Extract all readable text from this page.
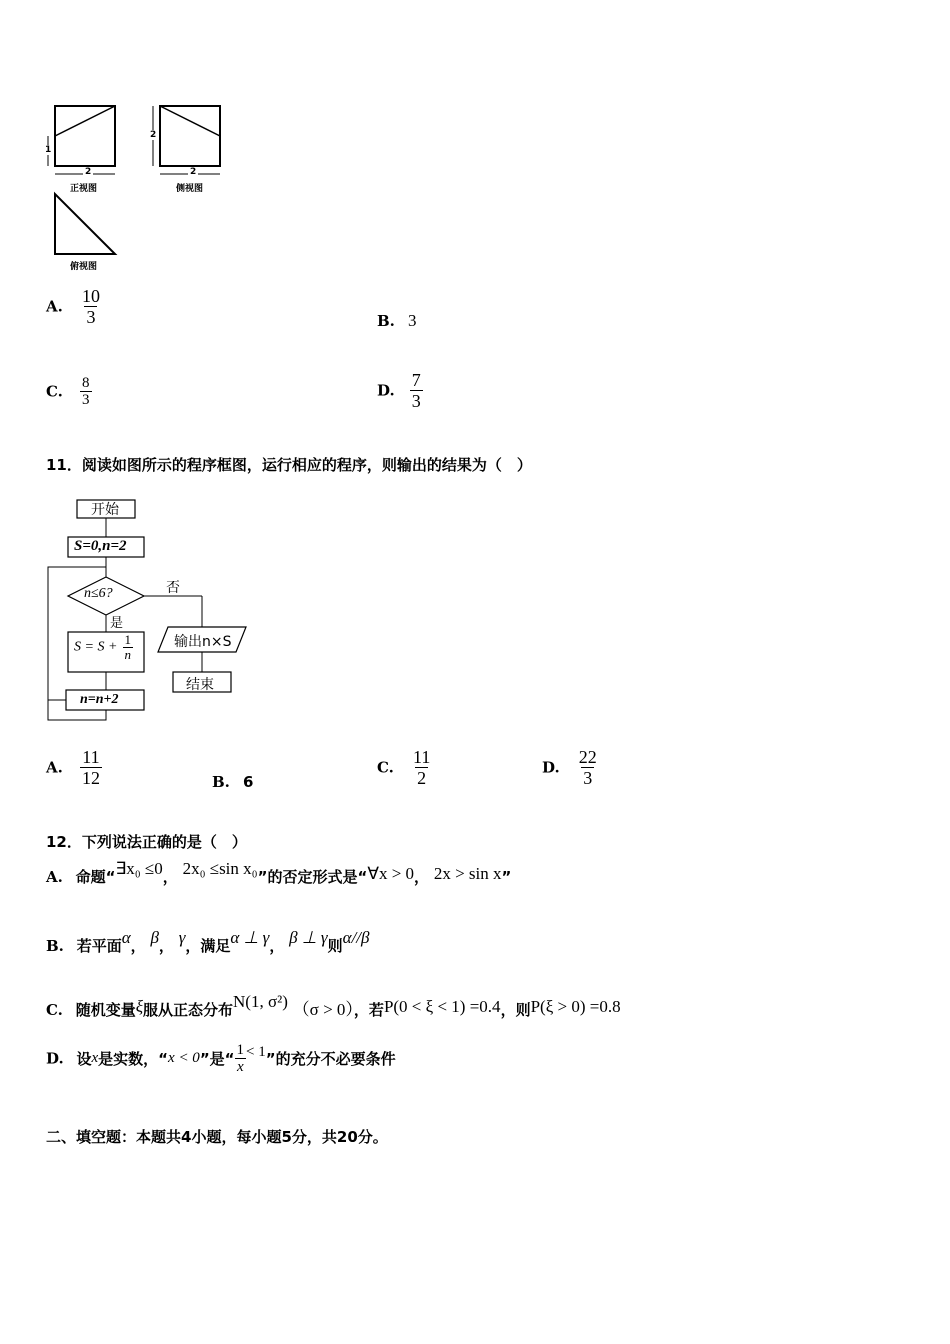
2
1
正视图
2
2
侧视图
俯视图
A. $\frac{10}{3}$	B. 3
C. $\frac{8}{3}$	D. $\frac{7}{3}$
11．阅读如图所示的程序框图，运行相应的程序，则输出的结果为（　）
开始
S=0,n=2
n≤6?	否
是
$S = S + \frac{1}{n}$	输出n×S
结束
n=n+2
A. $\frac{11}{12}$	B. 6
C. $\frac{11}{2}$	D. $\frac{22}{3}$
12．下列说法正确的是（　）
A. 命题“∃x₀ ≤0， 2x₀ ≤sin x₀”的否定形式是“∀x > 0， 2x > sin x”
B. 若平面α， β， γ，满足α ⊥ γ， β ⊥ γ则α//β
C. 随机变量ξ服从正态分布N(1, σ²) （σ > 0），若P(0 < ξ < 1) =0.4，则P(ξ > 0) =0.8
D. 设x是实数，“x < 0”是“ $\frac{1}{x} < 1$”的充分不必要条件
二、填空题：本题共4小题，每小题5分，共20分。
